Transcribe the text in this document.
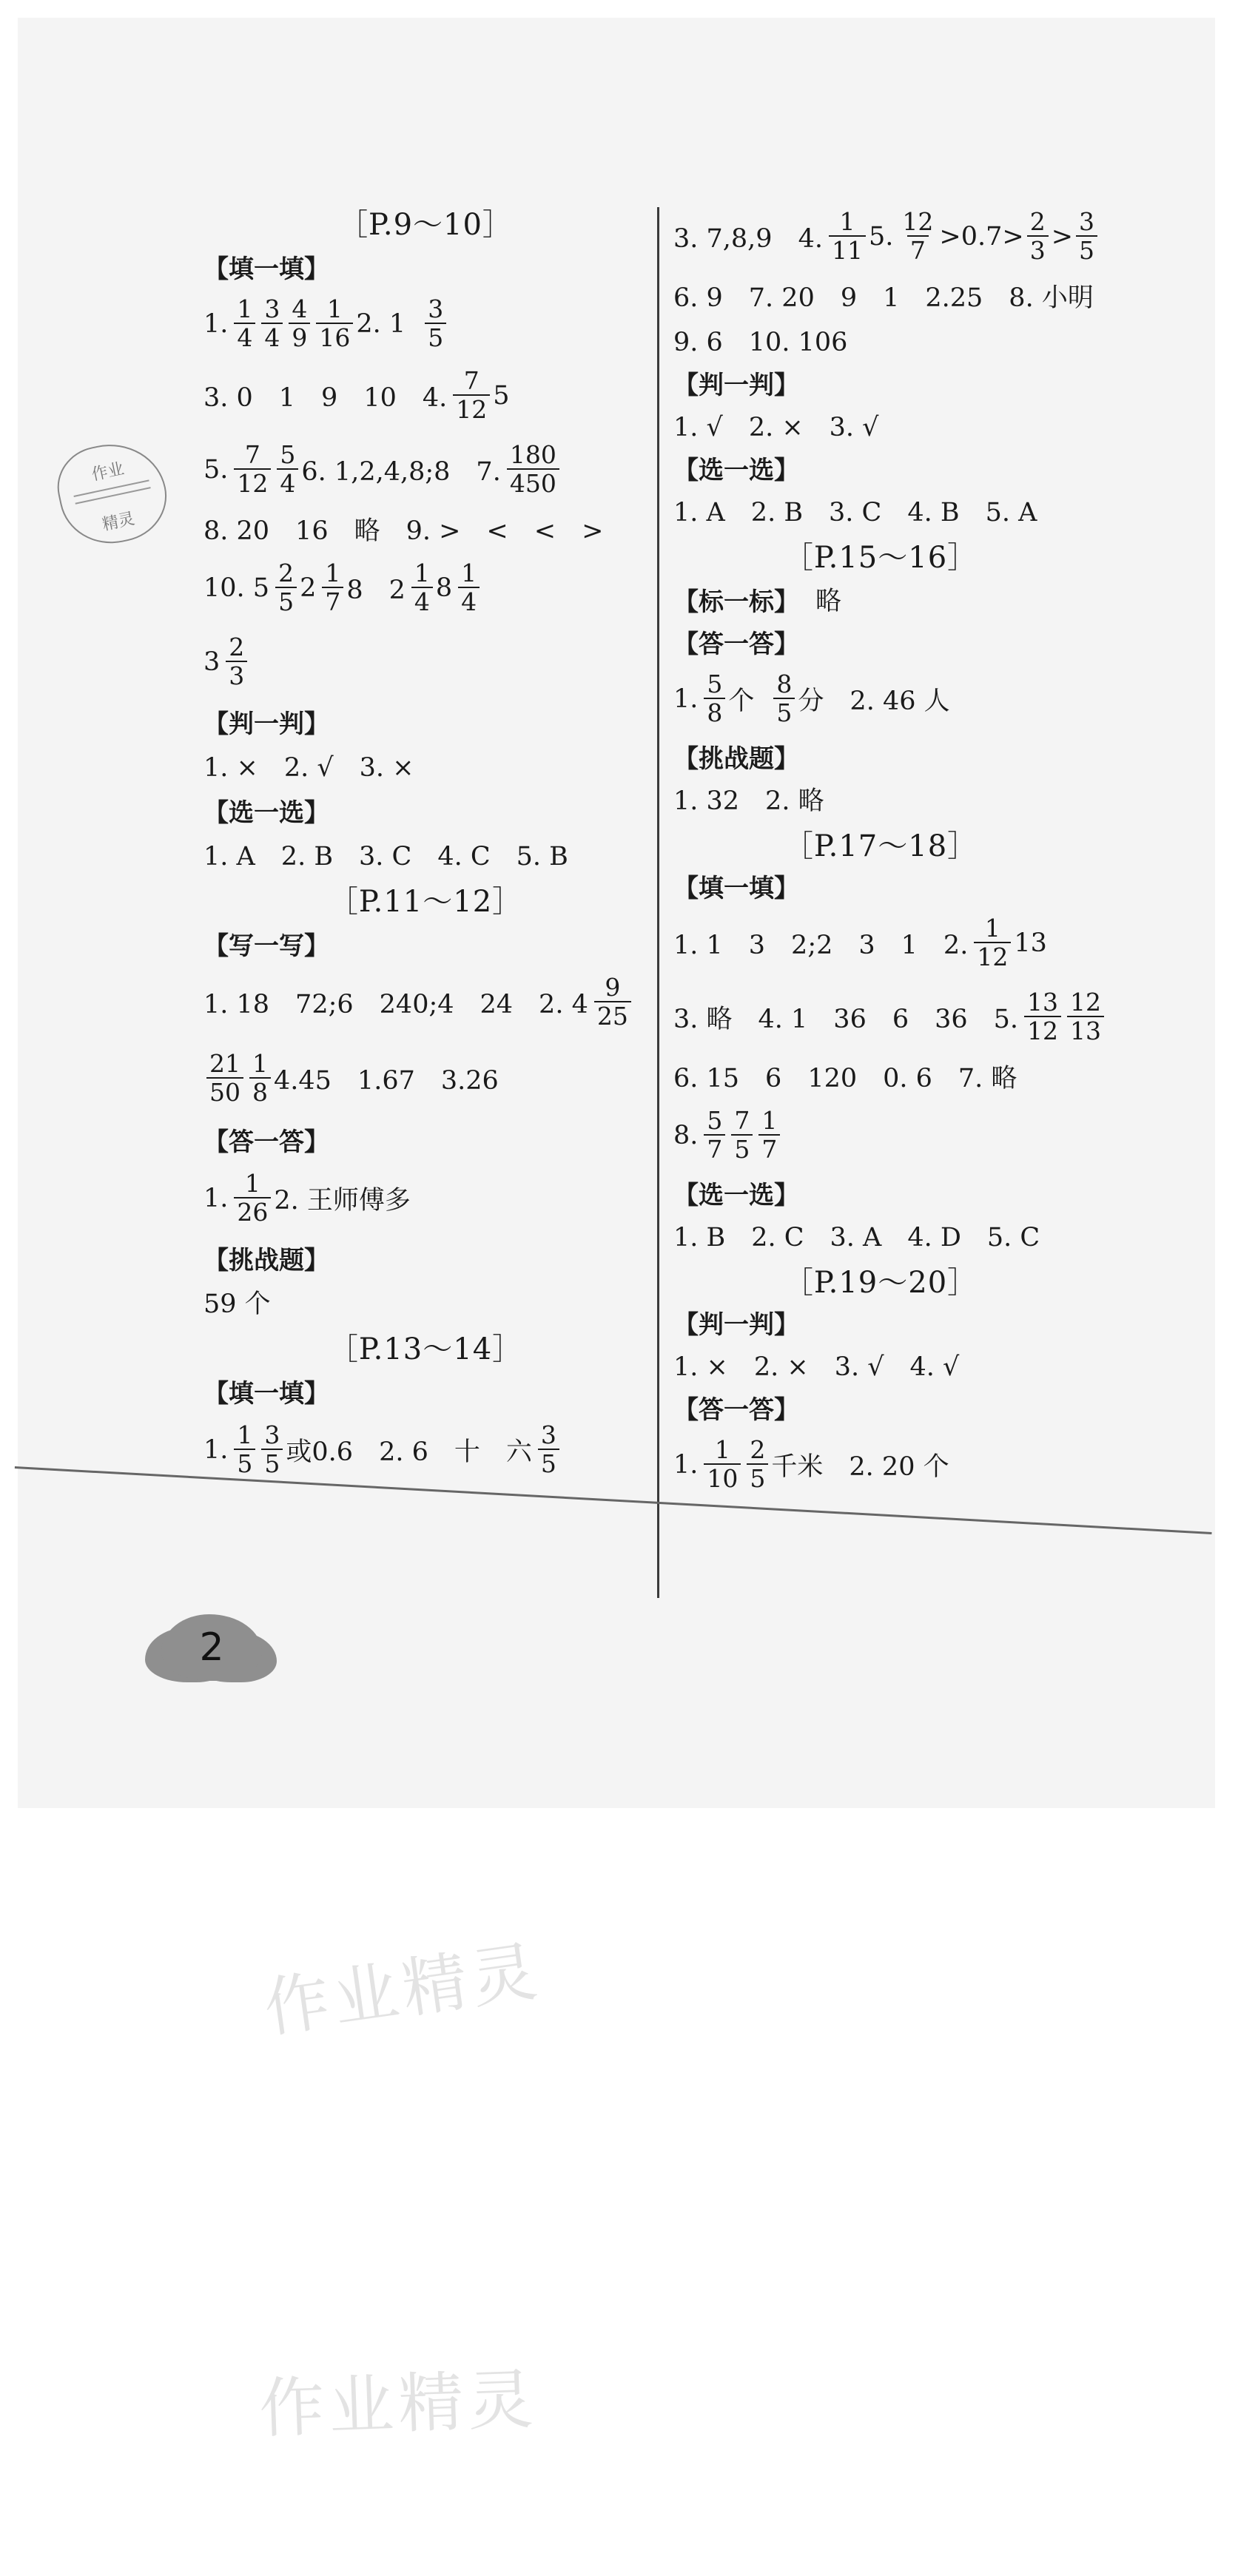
作业
精灵
［P.9～10］
【填一填】
1. $\frac{1}{4} \frac{3}{4} \frac{4}{9} \frac{1}{16} 2$. $1 \frac{3}{5}$
3. 0　1　9　10　4. $\frac{7}{12} 5$
5. $\frac{7}{12} \frac{5}{4} 6$. 1,2,4,8;8　7. $\frac{180}{450}$
8. 20　16　略　9. >　<　<　>
10. $5 \frac{2}{5} 2 \frac{1}{7} 8$　$2 \frac{1}{4} 8 \frac{1}{4}$
$3 \frac{2}{3}$
【判一判】
1. ×　2. √　3. ×
【选一选】
1. A　2. B　3. C　4. C　5. B
［P.11～12］
【写一写】
1. 18　72;6　240;4　24　2. $4 \frac{9}{25}$
$\frac{21}{50} \frac{1}{8} 4.45$　1.67　3.26
【答一答】
1. $\frac{1}{26} 2$. 王师傅多
【挑战题】
59 个
［P.13～14］
【填一填】
1. $\frac{1}{5} \frac{3}{5}$ 或0.6　2. 6　十　六 $\frac{3}{5}$
3. 7,8,9　4. $\frac{1}{11} 5$. $\frac{12}{7} >0.7> \frac{2}{3} > \frac{3}{5}$
6. 9　7. 20　9　1　2.25　8. 小明
9. 6　10. 106
【判一判】
1. √　2. ×　3. √
【选一选】
1. A　2. B　3. C　4. B　5. A
［P.15～16］
【标一标】 略
【答一答】
1. $\frac{5}{8}$ 个 $\frac{8}{5}$ 分　2. 46 人
【挑战题】
1. 32　2. 略
［P.17～18］
【填一填】
1. 1　3　2;2　3　1　2. $\frac{1}{12} 13$
3. 略　4. 1　36　6　36　5. $\frac{13}{12} \frac{12}{13}$
6. 15　6　120　0. 6　7. 略
8. $\frac{5}{7} \frac{7}{5} \frac{1}{7}$
【选一选】
1. B　2. C　3. A　4. D　5. C
［P.19～20］
【判一判】
1. ×　2. ×　3. √　4. √
【答一答】
1. $\frac{1}{10} \frac{2}{5}$ 千米　2. 20 个
2
作业精灵
作业精灵
